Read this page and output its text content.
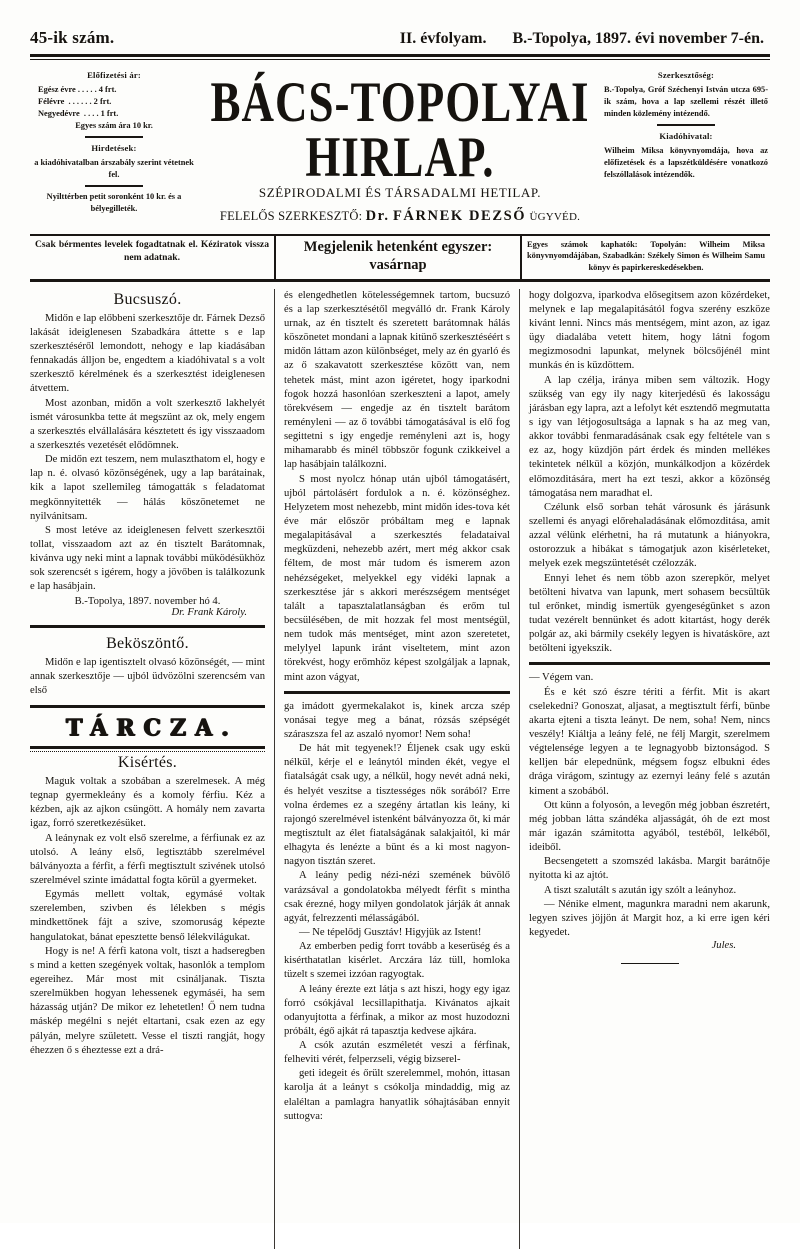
45-ik szám.	II. évfolyam. B.-Topolya, 1897. évi november 7-én.
Előfizetési ár:
Egész évre . . . . . 4 frt.
Félévre  . . . . . . 2 frt.
Negyedévre  . . . . 1 frt.
Egyes szám ára 10 kr.
Hirdetések:
a kiadóhivatalban árszabály szerint vétetnek fel.
Nyilttérben petit soronként 10 kr. és a bélyegilleték.
BÁCS-TOPOLYAI HIRLAP.
SZÉPIRODALMI ÉS TÁRSADALMI HETILAP.
FELELŐS SZERKESZTŐ: Dr. FÁRNEK DEZSŐ ÜGYVÉD.
Szerkesztőség:
B.-Topolya, Gróf Széchenyi István utcza 695-ik szám, hova a lap szellemi részét illető minden közlemény intézendő.
Kiadóhivatal:
Wilheim Miksa könyvnyomdája, hova az előfizetések és a lapszétküldésére vonatkozó felszóllalások intézendők.
Csak bérmentes levelek fogadtatnak el. Kéziratok vissza nem adatnak.
Megjelenik hetenként egyszer:
vasárnap
Egyes számok kaphatók: Topolyán: Wilheim Miksa könyvnyomdájában, Szabadkán: Székely Simon és Wilheim Samu könyv és papirkereskedésekben.
Bucsuszó.

Midőn e lap előbbeni szerkesztője dr. Fárnek Dezső lakását ideiglenesen Szabadkára áttette s e lap szerkesztéséről lemondott, nehogy e lap kiadásában fennakadás álljon be, engedtem a kiadóhivatal s a volt szerkesztő kérelmének és a szerkesztést ideiglenesen átvettem.

Most azonban, midőn a volt szerkesztő lakhelyét ismét városunkba tette át megszünt az ok, mely engem a szerkesztés elvállalására késztetett és igy visszaadom a szerkesztés vezetését elődömnek.

De midőn ezt teszem, nem mulaszthatom el, hogy e lap n. é. olvasó közönségének, ugy a lap barátainak, kik a lapot szellemileg támogatták s feladatomat megkönnyitették — hálás köszönetemet ne nyilvánitsam.

S most letéve az ideiglenesen felvett szerkesztői tollat, visszaadom azt az én tisztelt Barátomnak, kivánva ugy neki mint a lapnak további müködésükhöz sok szerencsét s igérem, hogy a jövőben is találkozunk e lap hasábjain.

B.-Topolya, 1897. november hó 4.
Dr. Frank Károly.
Beköszöntő.

Midőn e lap igentisztelt olvasó közönségét, — mint annak szerkesztője — ujból üdvözölni szerencsém van első

TÁRCZA.
Kisértés.

Maguk voltak a szobában a szerelmesek. A még tegnap gyermekleány és a komoly férfiu. Kéz a kézben, ajk az ajkon csüngött. A homály nem zavarta igaz, forró szeretkezésüket.

A leánynak ez volt első szerelme, a férfiunak ez az utolsó. A leány első, legtisztább szerelmével bálványozta a férfit, a férfi megtisztult szivének utolsó szerelmével szinte imádattal fogta körül a gyermeket.

Egymás mellett voltak, egymásé voltak szerelemben, szivben és lélekben s mégis mindkettőnek fájt a szive, szomoruság képezte hangulatokat, bánat epesztette benső lélekvilágukat.

Hogy is ne! A férfi katona volt, tiszt a hadseregben s mind a ketten szegények voltak, hasonlók a templom egereihez. Már most mit csináljanak. Tiszta szerelmükben hogyan lehessenek egymáséi, ha sem házasság utján? De mikor ez lehetetlen! Ő nem tudna máskép megélni s nejét eltartani, csak ezen az egy pályán, melyre született. Vesse el tiszti rangját, hogy éhezzen ő s éheztesse ezt a drá-

és elengedhetlen kötelességemnek tartom, bucsuzó és a lap szerkesztésétől megválló dr. Frank Károly urnak, az én tisztelt és szeretett barátomnak hálás köszönetet mondani a lapnak kitünő szerkesztéséért s midőn láttam azon különbséget, mely az én gyarló és az ő szakavatott szerkesztése között van, nem tehetek mást, mint azon igéretet, hogy iparkodni fogok hozzá hasonlóan szerkeszteni a lapot, amely törekvésem — engedje az én tisztelt barátom reményleni — az ő további támogatásával is elő fog segittetni s igy engedje reményleni azt is, hogy mihamarabb és minél többször fogunk czikkeivel a lap hasábjain találkozni.

S most nyolcz hónap után ujból támogatásért, ujból pártolásért fordulok a n. é. közönséghez. Helyzetem most nehezebb, mint midőn ides-tova két éve már először próbáltam meg e lapnak megalapitásával a szerkesztés feladataival megküzdeni, nehezebb azért, mert még akkor csak féltem, de most már tudom és ismerem azon nehézségeket, melyekkel egy vidéki lapnak a szerkesztése jár s akkori merészségem mentséget talált a tapasztalatlanságban és erőm tul becsülésében, de mit hozzak fel most mentségül, nem tudok más mentséget, mint azon szeretetet, melylyel lapunk iránt viseltetem, mint azon törekvést, hogy erőmhöz képest szolgáljak a lapnak, mint azon vágyat,

ga imádott gyermekalakot is, kinek arcza szép vonásai tegye meg a bánat, rózsás szépségét száraszsza fel az aszaló nyomor! Nem soha!

De hát mit tegyenek!? Éljenek csak ugy eskü nélkül, kérje el e leánytól minden ékét, vegye el fiatalságát csak ugy, a nélkül, hogy nevét adná neki, és helyét veszitse a tisztességes nők sorából? Erre volna érdemes ez a szegény ártatlan kis leány, ki rajongó szerelmével istenként bálványozza őt, ki már megtisztult az élet fiatalságának salakjaitól, ki már elhagyta és lenézte a bünt és a ki most nagyon-nagyon tisztán szeret.

A leány pedig nézi-nézi szemének büvölő varázsával a gondolatokba mélyedt férfit s mintha csak érezné, hogy milyen gondolatok járják át annak agyát, felrezzenti mélasságából.

— Ne tépelődj Gusztáv! Higyjük az Istent!

Az emberben pedig forrt tovább a keserüség és a kisérthatatlan kisérlet. Arczára láz tüll, homloka tüzelt s szemei izzóan ragyogtak.

A leány érezte ezt látja s azt hiszi, hogy egy igaz forró csókjával lecsillapithatja. Kivánatos ajkait odanyujtotta a férfinak, a mikor az most huzodozni próbált, égő ajkát rá tapasztja kedvese ajkára.

A csók azután eszméletét veszi a férfinak, felheviti vérét, felperzseli, végig bizserel-

geti idegeit és őrült szerelemmel, mohón, ittasan karolja át a leányt s csókolja mindaddig, mig az elaléltan a pamlagra hanyatlik sóhajtásában ennyit suttogva:

hogy dolgozva, iparkodva elősegitsem azon közérdeket, melynek e lap megalapitásától fogva szerény eszköze kivánt lenni. Nincs más mentségem, mint azon, az igaz ügy diadalába vetett hitem, hogy látni fogom megizmosodni lapunkat, melynek bölcsőjénél mint munkás én is küzdöttem.

A lap czélja, iránya miben sem változik. Hogy szükség van egy ily nagy kiterjedésü és lakosságu járásban egy lapra, azt a lefolyt két esztendő megmutatta s igy van létjogosultsága a lapnak s ha az meg van, akkor további fenmaradásának csak egy feltétele van s ez az, hogy küzdjön párt érdek és minden mellékes tekintetek nélkül a közjón, munkálkodjon a közérdek előmozditására, mert ha ezt teszi, akkor a közönség támogatása nem maradhat el.

Czélunk első sorban tehát városunk és járásunk szellemi és anyagi előrehaladásának előmozditása, amit azzal vélünk elérhetni, ha rá mutatunk a hiányokra, ostorozzuk a hibákat s támogatjuk azon kisérleteket, melyek ezek megszüntetését czélozzák.

Ennyi lehet és nem több azon szerepkör, melyet betölteni hivatva van lapunk, mert sohasem becsültük tul erőnket, mindig ismertük gyengeségünket s azon tudat vezérelt bennünket és adott kitartást, hogy derék polgár az, aki bármily csekély legyen is hivatásköre, azt betölteni igyekszik.

— Végem van.

És e két szó észre tériti a férfit. Mit is akart cselekedni? Gonoszat, aljasat, a megtisztult férfi, bünbe akarta ejteni a tiszta leányt. De nem, soha! Nem, nincs veszély! Kiáltja a leány felé, ne félj Margit, szerelmem végtelensége legyen a te legnagyobb biztonságod. S kelljen bár elepednünk, mégsem fogsz elbukni édes drága virágom, szintugy az ezernyi leány felé s azután kiment a szobából.

Ott künn a folyosón, a levegőn még jobban észretért, még jobban látta szándéka aljasságát, óh de ezt most már igazán számitotta agyából, testéből, lelkéből, ideiből.

Becsengetett a szomszéd lakásba. Margit barátnője nyitotta ki az ajtót.

A tiszt szalutált s azután igy szólt a leányhoz.

— Nénike elment, magunkra maradni nem akarunk, legyen szives jöjjön át Margit hoz, a ki erre igen kéri kegyedet.

Jules.
